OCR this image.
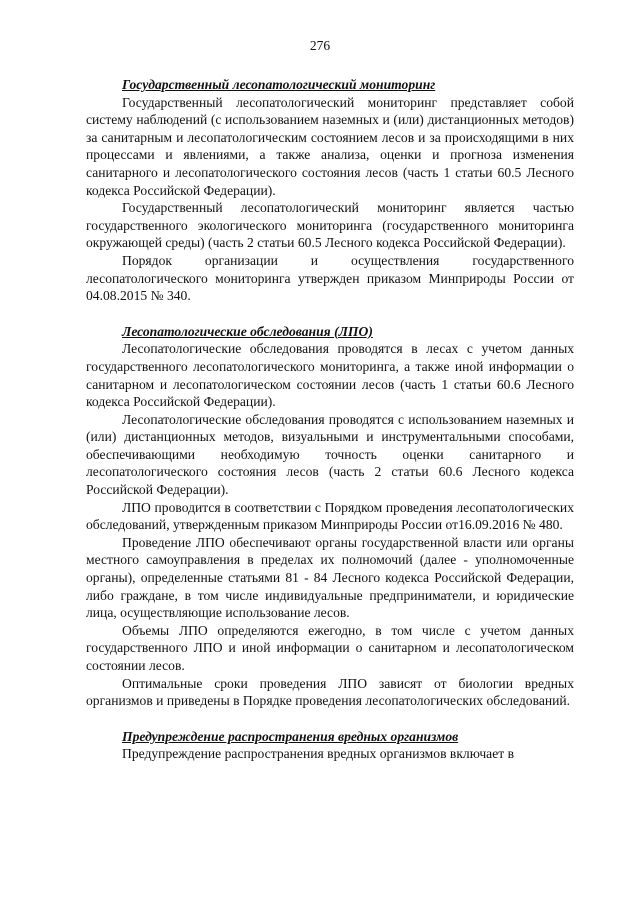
276

Государственный лесопатологический мониторинг

Государственный лесопатологический мониторинг представляет собой систему наблюдений (с использованием наземных и (или) дистанционных методов) за санитарным и лесопатологическим состоянием лесов и за происходящими в них процессами и явлениями, а также анализа, оценки и прогноза изменения санитарного и лесопатологического состояния лесов (часть 1 статьи 60.5 Лесного кодекса Российской Федерации).

Государственный лесопатологический мониторинг является частью государственного экологического мониторинга (государственного мониторинга окружающей среды) (часть 2 статьи 60.5 Лесного кодекса Российской Федерации).

Порядок организации и осуществления государственного лесопатологического мониторинга утвержден приказом Минприроды России от 04.08.2015 № 340.

Лесопатологические обследования (ЛПО)

Лесопатологические обследования проводятся в лесах с учетом данных государственного лесопатологического мониторинга, а также иной информации о санитарном и лесопатологическом состоянии лесов (часть 1 статьи 60.6 Лесного кодекса Российской Федерации).

Лесопатологические обследования проводятся с использованием наземных и (или) дистанционных методов, визуальными и инструментальными способами, обеспечивающими необходимую точность оценки санитарного и лесопатологического состояния лесов (часть 2 статьи 60.6 Лесного кодекса Российской Федерации).

ЛПО проводится в соответствии с Порядком проведения лесопатологических обследований, утвержденным приказом Минприроды России от16.09.2016 № 480.

Проведение ЛПО обеспечивают органы государственной власти или органы местного самоуправления в пределах их полномочий (далее - уполномоченные органы), определенные статьями 81 - 84 Лесного кодекса Российской Федерации, либо граждане, в том числе индивидуальные предприниматели, и юридические лица, осуществляющие использование лесов.

Объемы ЛПО определяются ежегодно, в том числе с учетом данных государственного ЛПО и иной информации о санитарном и лесопатологическом состоянии лесов.

Оптимальные сроки проведения ЛПО зависят от биологии вредных организмов и приведены в Порядке проведения лесопатологических обследований.

Предупреждение распространения вредных организмов

Предупреждение распространения вредных организмов включает в
